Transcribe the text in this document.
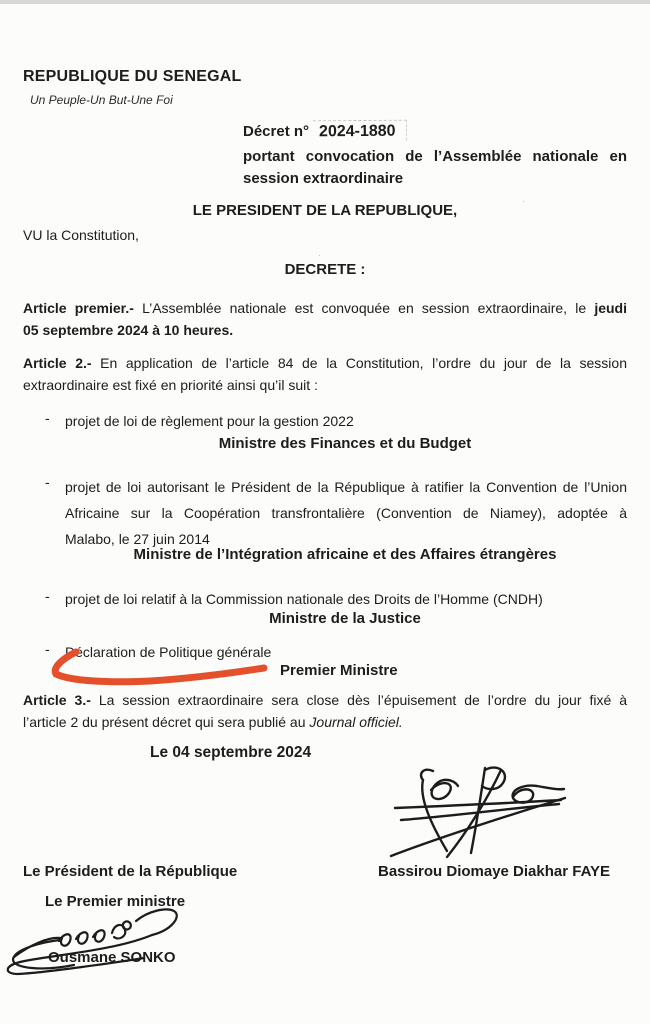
REPUBLIQUE DU SENEGAL
Un Peuple-Un But-Une Foi
Décret n° 2024-1880
portant convocation de l’Assemblée nationale en
session extraordinaire
LE PRESIDENT DE LA REPUBLIQUE,
VU la Constitution,
DECRETE :
Article premier.- L’Assemblée nationale est convoquée en session extraordinaire, le jeudi
05 septembre 2024 à 10 heures.
Article 2.- En application de l’article 84 de la Constitution, l’ordre du jour de la session
extraordinaire est fixé en priorité ainsi qu’il suit :
- projet de loi de règlement pour la gestion 2022
Ministre des Finances et du Budget
- projet de loi autorisant le Président de la République à ratifier la Convention de l’Union
Africaine sur la Coopération transfrontalière (Convention de Niamey), adoptée à
Malabo, le 27 juin 2014
Ministre de l’Intégration africaine et des Affaires étrangères
- projet de loi relatif à la Commission nationale des Droits de l’Homme (CNDH)
Ministre de la Justice
- Déclaration de Politique générale
Premier Ministre
Article 3.- La session extraordinaire sera close dès l’épuisement de l’ordre du jour fixé à
l’article 2 du présent décret qui sera publié au Journal officiel.
Le 04 septembre 2024
Le Président de la République	Bassirou Diomaye Diakhar FAYE
Le Premier ministre
Ousmane SONKO
·
·
